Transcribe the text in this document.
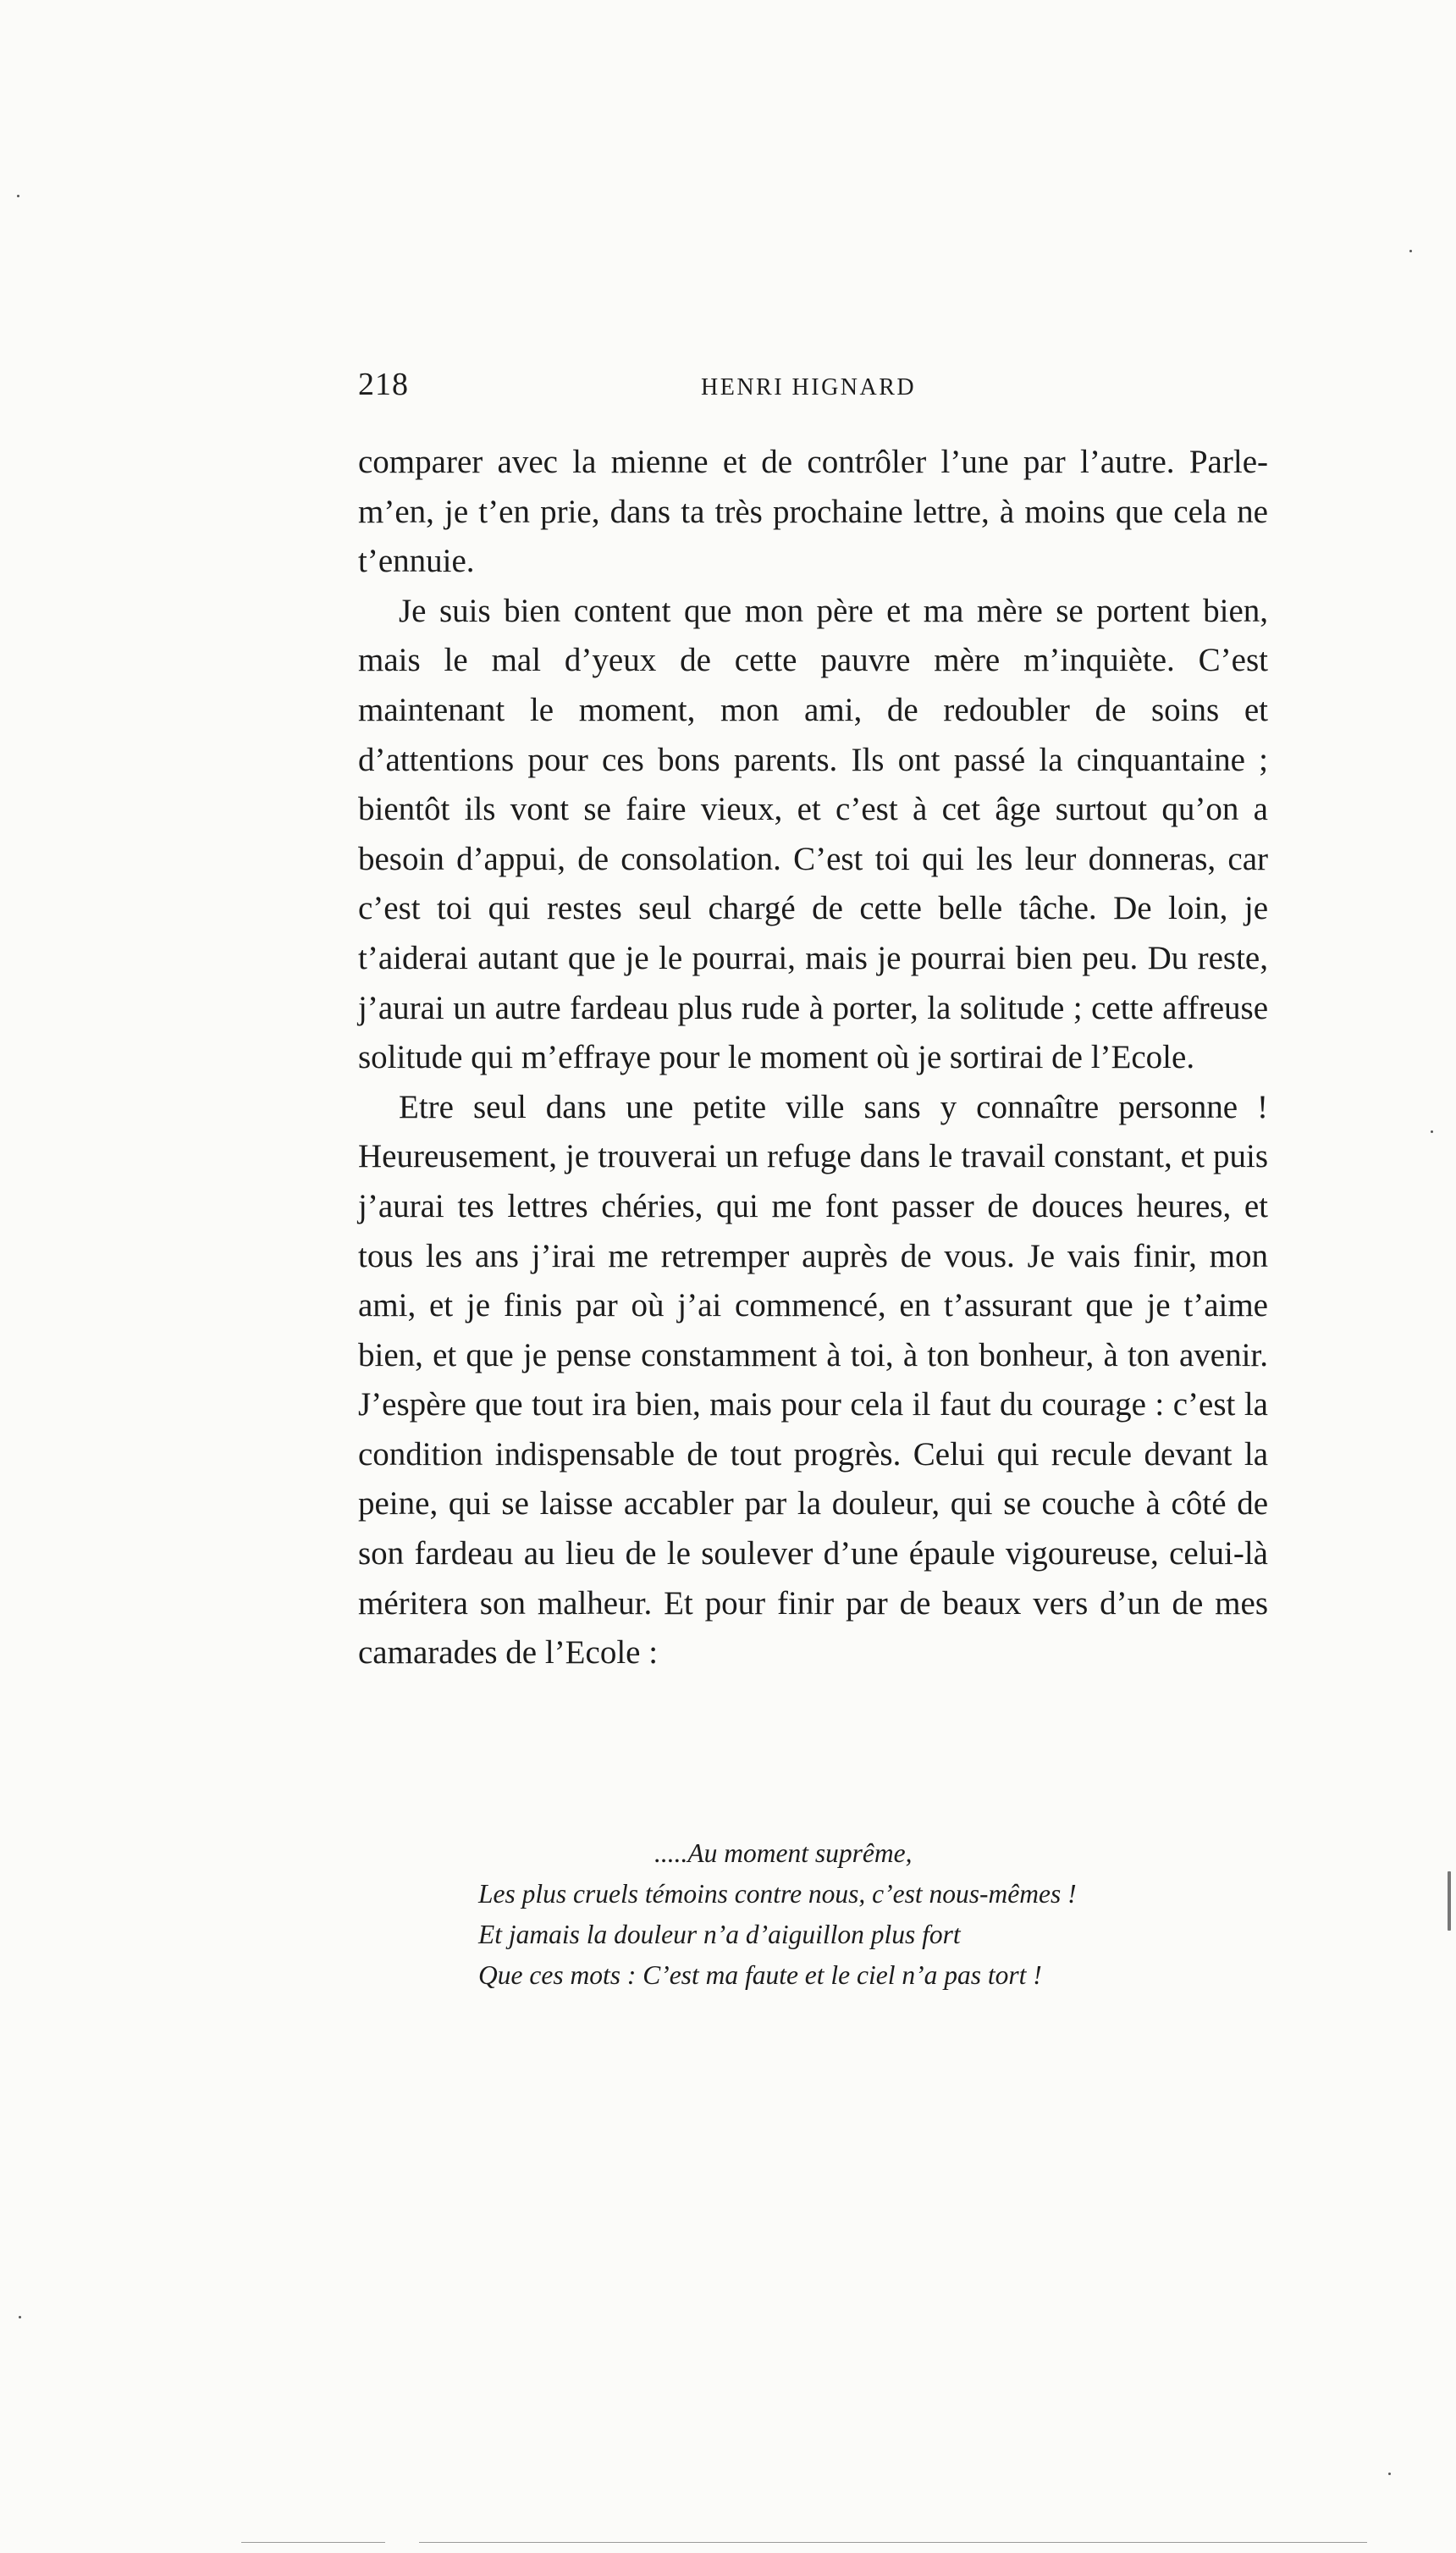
218	HENRI HIGNARD

comparer avec la mienne et de contrôler l’une par l’autre. Parle-m’en, je t’en prie, dans ta très prochaine lettre, à moins que cela ne t’ennuie.

Je suis bien content que mon père et ma mère se portent bien, mais le mal d’yeux de cette pauvre mère m’inquiète. C’est maintenant le moment, mon ami, de redoubler de soins et d’attentions pour ces bons parents. Ils ont passé la cinquantaine ; bientôt ils vont se faire vieux, et c’est à cet âge surtout qu’on a besoin d’appui, de consolation. C’est toi qui les leur donneras, car c’est toi qui restes seul chargé de cette belle tâche. De loin, je t’aiderai autant que je le pourrai, mais je pourrai bien peu. Du reste, j’aurai un autre fardeau plus rude à porter, la solitude ; cette affreuse solitude qui m’effraye pour le moment où je sortirai de l’Ecole.

Etre seul dans une petite ville sans y connaître personne ! Heureusement, je trouverai un refuge dans le travail constant, et puis j’aurai tes lettres chéries, qui me font passer de douces heures, et tous les ans j’irai me retremper auprès de vous. Je vais finir, mon ami, et je finis par où j’ai commencé, en t’assurant que je t’aime bien, et que je pense constamment à toi, à ton bonheur, à ton avenir. J’espère que tout ira bien, mais pour cela il faut du courage : c’est la condition indispensable de tout progrès. Celui qui recule devant la peine, qui se laisse accabler par la douleur, qui se couche à côté de son fardeau au lieu de le soulever d’une épaule vigoureuse, celui-là méritera son malheur. Et pour finir par de beaux vers d’un de mes camarades de l’Ecole :

.....Au moment suprême,
Les plus cruels témoins contre nous, c’est nous-mêmes !
Et jamais la douleur n’a d’aiguillon plus fort
Que ces mots : C’est ma faute et le ciel n’a pas tort !
